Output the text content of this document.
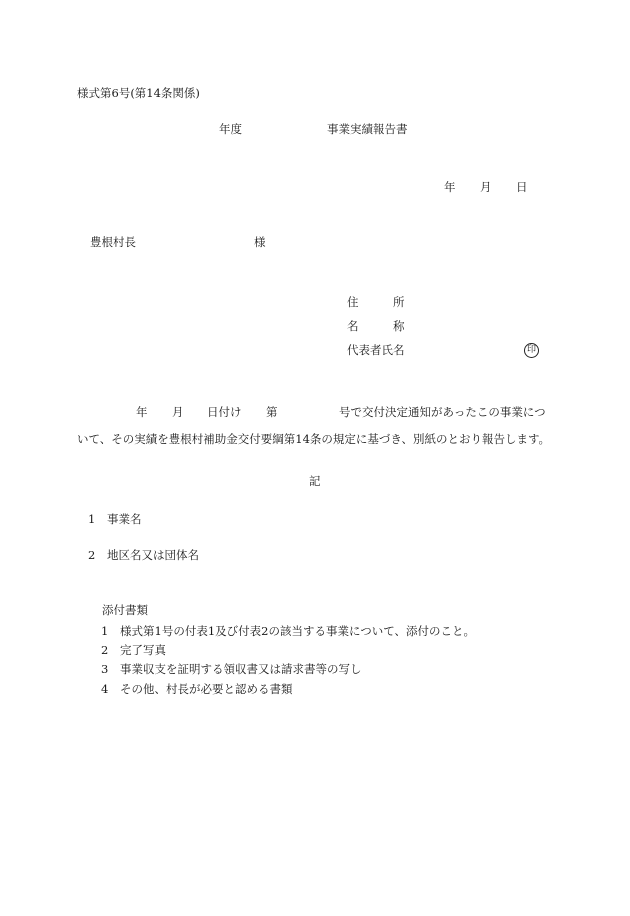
様式第6号(第14条関係)
年度	事業実績報告書
年 月 日
豊根村長	様
住　　　所
名　　　称
代表者氏名	印
年 月 日付け 第	号で交付決定通知があったこの事業につ
いて、その実績を豊根村補助金交付要綱第14条の規定に基づき、別紙のとおり報告します。
記
1 事業名
2 地区名又は団体名
添付書類
1 様式第1号の付表1及び付表2の該当する事業について、添付のこと。
2 完了写真
3 事業収支を証明する領収書又は請求書等の写し
4 その他、村長が必要と認める書類
